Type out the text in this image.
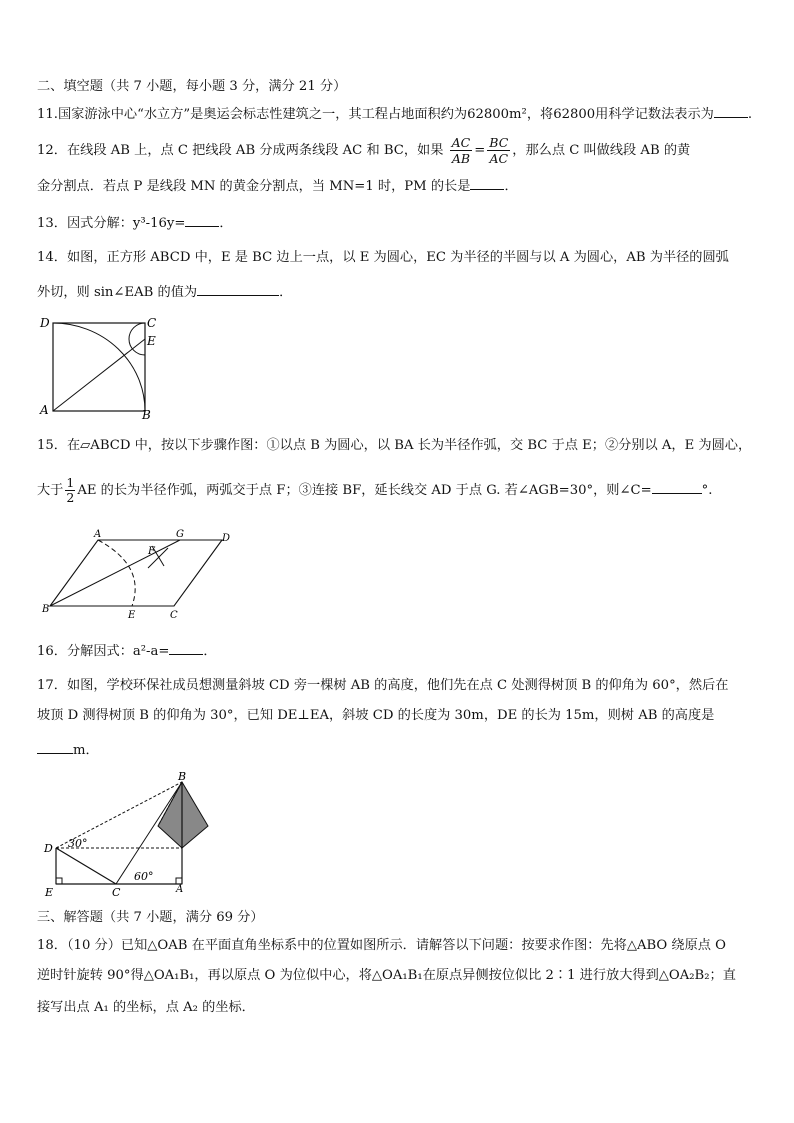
二、填空题（共 7 小题，每小题 3 分，满分 21 分）
11.国家游泳中心“水立方”是奥运会标志性建筑之一，其工程占地面积约为62800m²，将62800用科学记数法表示为	.
12．在线段 AB 上，点 C 把线段 AB 分成两条线段 AC 和 BC，如果 $\frac{AC}{AB} = \frac{BC}{AC}$ ，那么点 C 叫做线段 AB 的黄
金分割点．若点 P 是线段 MN 的黄金分割点，当 MN=1 时，PM 的长是	．
13．因式分解：y³-16y=	．
14．如图，正方形 ABCD 中，E 是 BC 边上一点，以 E 为圆心，EC 为半径的半圆与以 A 为圆心，AB 为半径的圆弧
外切，则 sin∠EAB 的值为	．
D	C
E
A	B
15．在▱ABCD 中，按以下步骤作图：①以点 B 为圆心，以 BA 长为半径作弧，交 BC 于点 E；②分别以 A，E 为圆心，
大于 $\frac{1}{2}$ AE 的长为半径作弧，两弧交于点 F；③连接 BF，延长线交 AD 于点 G. 若∠AGB=30°，则∠C=	°.
A	G	D
F
B
E	C
16．分解因式：a²-a=	．
17．如图，学校环保社成员想测量斜坡 CD 旁一棵树 AB 的高度，他们先在点 C 处测得树顶 B 的仰角为 60°，然后在
坡顶 D 测得树顶 B 的仰角为 30°，已知 DE⊥EA，斜坡 CD 的长度为 30m，DE 的长为 15m，则树 AB 的高度是
m．
B
D
E	C	A
30°
60°
三、解答题（共 7 小题，满分 69 分）
18．（10 分）已知△OAB 在平面直角坐标系中的位置如图所示．请解答以下问题：按要求作图：先将△ABO 绕原点 O
逆时针旋转 90°得△OA₁B₁，再以原点 O 为位似中心，将△OA₁B₁在原点异侧按位似比 2∶1 进行放大得到△OA₂B₂；直
接写出点 A₁ 的坐标，点 A₂ 的坐标．
